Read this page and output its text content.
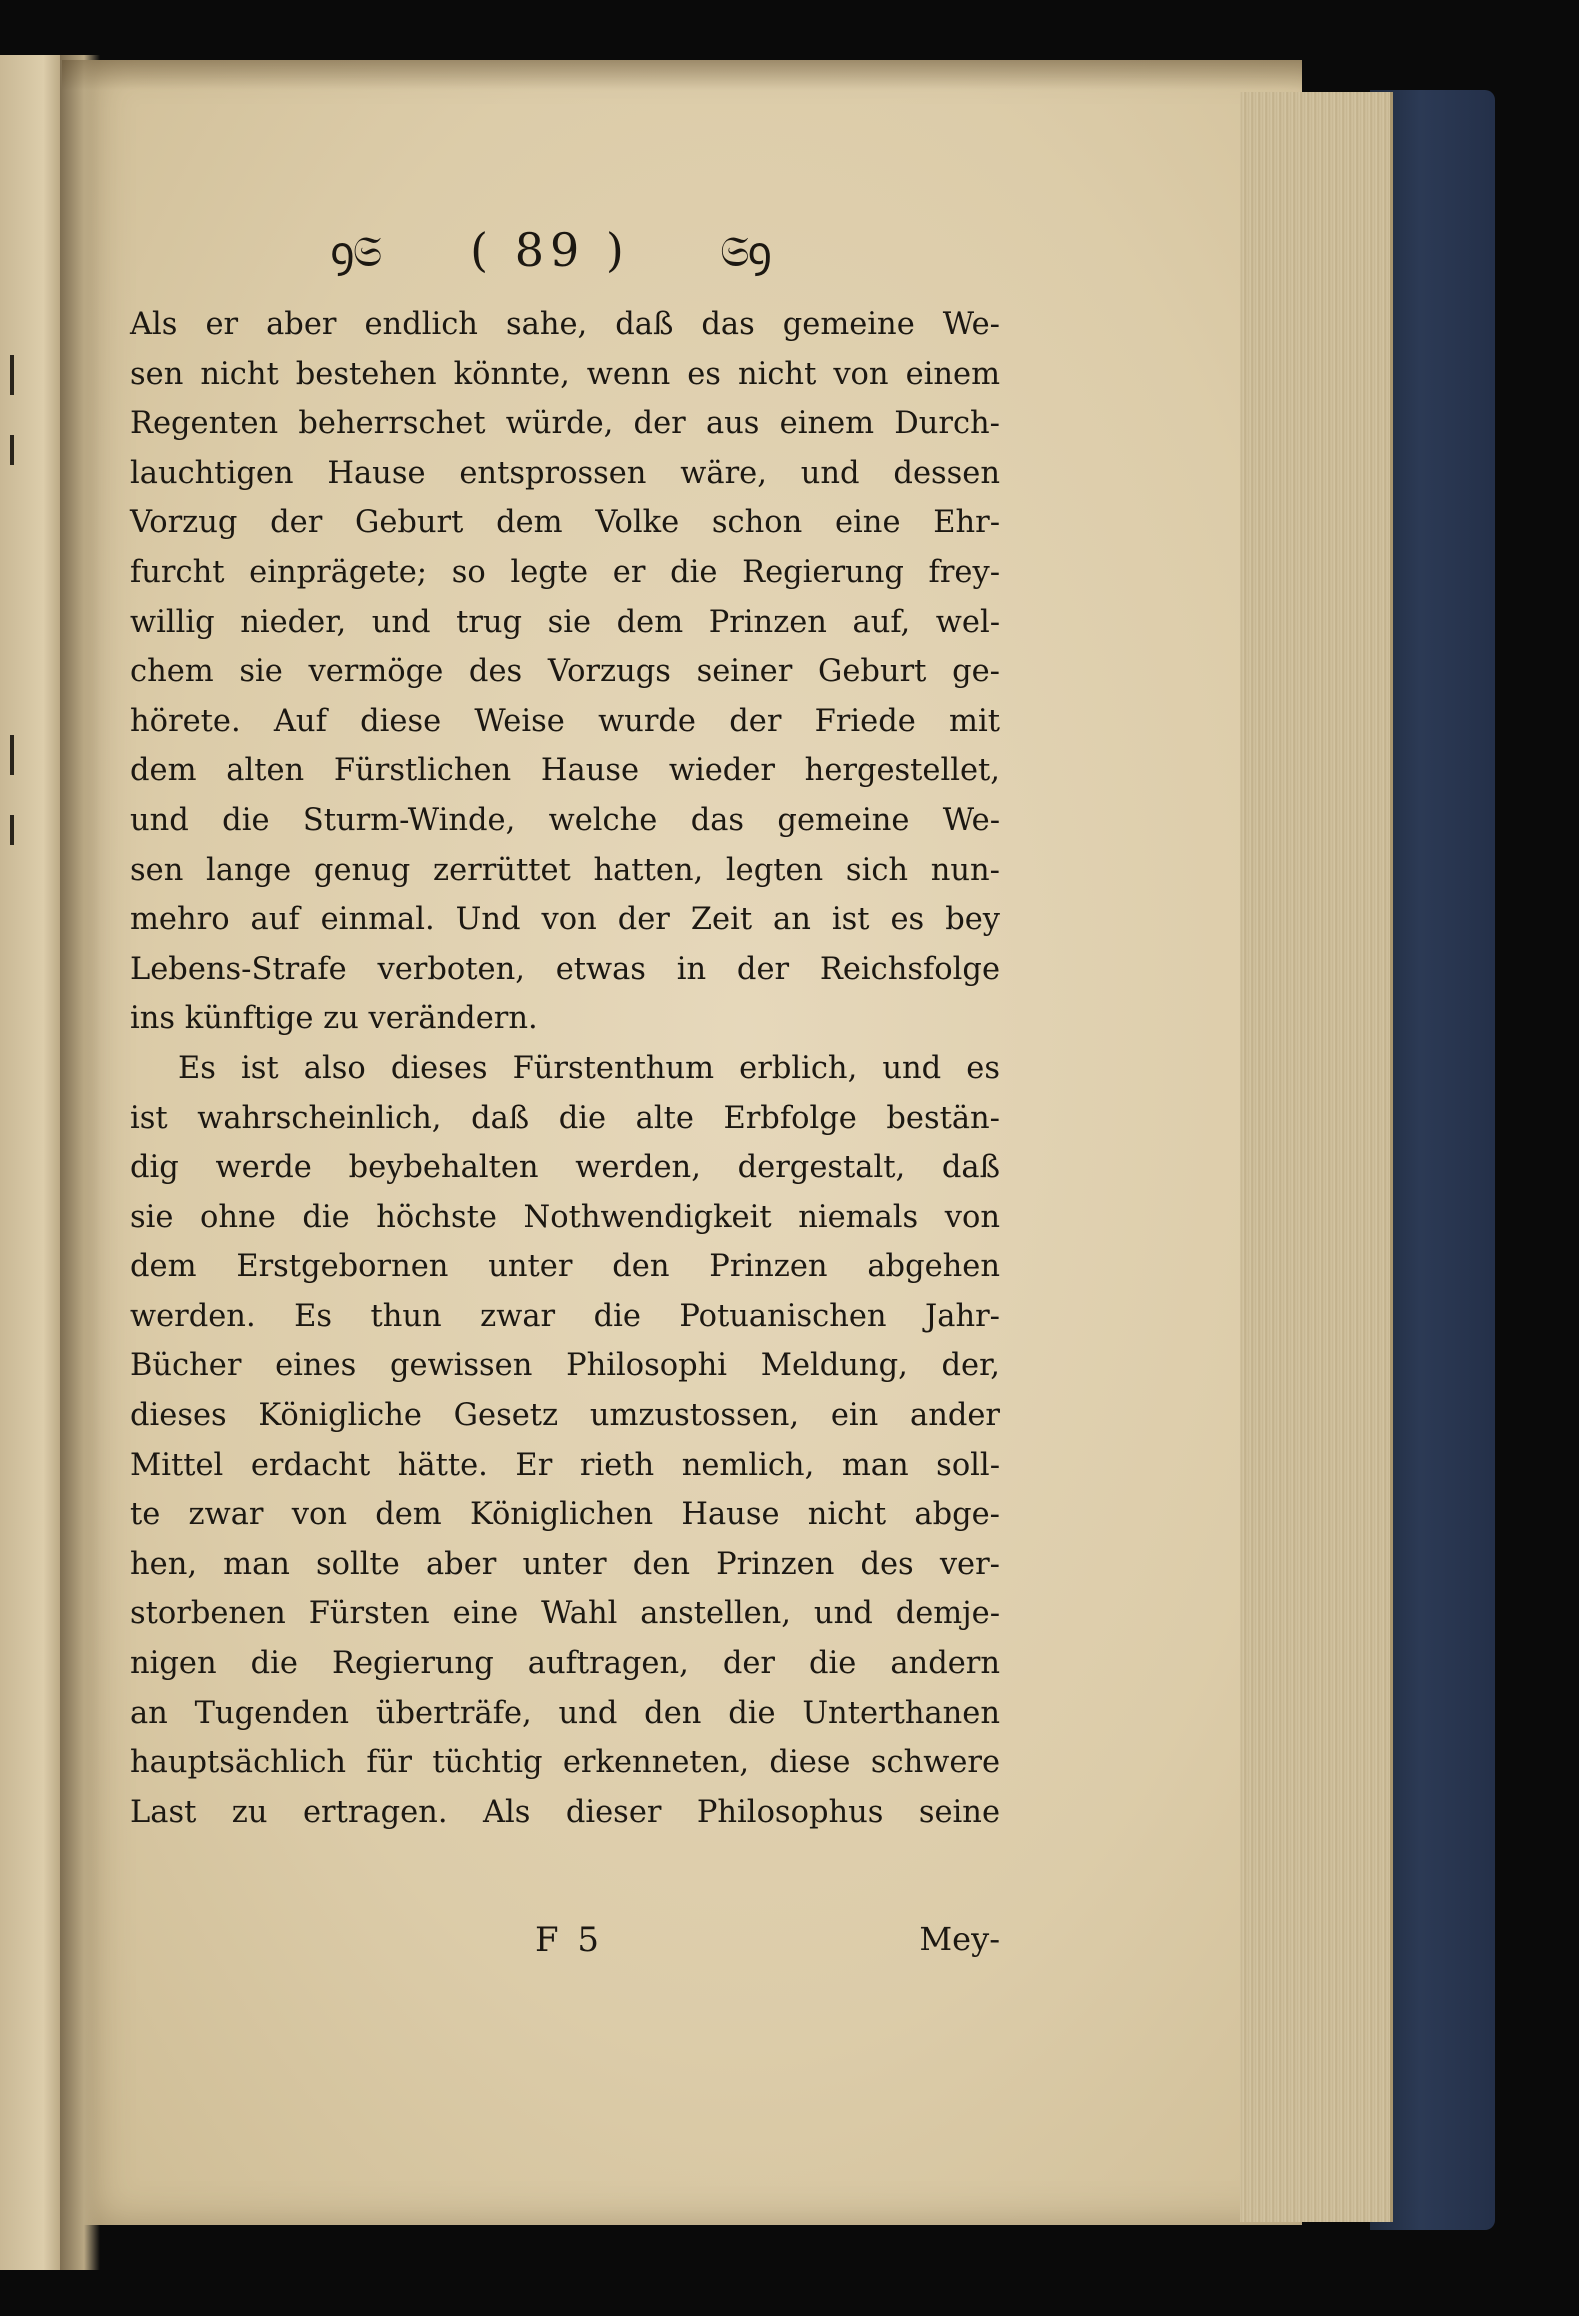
ꝯ𝔖 ( 89 ) 𝔖ꝯ
Als er aber endlich sahe, daß das gemeine We-
sen nicht bestehen könnte, wenn es nicht von einem
Regenten beherrschet würde, der aus einem Durch-
lauchtigen Hause entsprossen wäre, und dessen
Vorzug der Geburt dem Volke schon eine Ehr-
furcht einprägete; so legte er die Regierung frey-
willig nieder, und trug sie dem Prinzen auf, wel-
chem sie vermöge des Vorzugs seiner Geburt ge-
hörete. Auf diese Weise wurde der Friede mit
dem alten Fürstlichen Hause wieder hergestellet,
und die Sturm-Winde, welche das gemeine We-
sen lange genug zerrüttet hatten, legten sich nun-
mehro auf einmal. Und von der Zeit an ist es bey
Lebens-Strafe verboten, etwas in der Reichsfolge
ins künftige zu verändern.
Es ist also dieses Fürstenthum erblich, und es
ist wahrscheinlich, daß die alte Erbfolge bestän-
dig werde beybehalten werden, dergestalt, daß
sie ohne die höchste Nothwendigkeit niemals von
dem Erstgebornen unter den Prinzen abgehen
werden. Es thun zwar die Potuanischen Jahr-
Bücher eines gewissen Philosophi Meldung, der,
dieses Königliche Gesetz umzustossen, ein ander
Mittel erdacht hätte. Er rieth nemlich, man soll-
te zwar von dem Königlichen Hause nicht abge-
hen, man sollte aber unter den Prinzen des ver-
storbenen Fürsten eine Wahl anstellen, und demje-
nigen die Regierung auftragen, der die andern
an Tugenden überträfe, und den die Unterthanen
hauptsächlich für tüchtig erkenneten, diese schwere
Last zu ertragen. Als dieser Philosophus seine
F 5	Mey-
